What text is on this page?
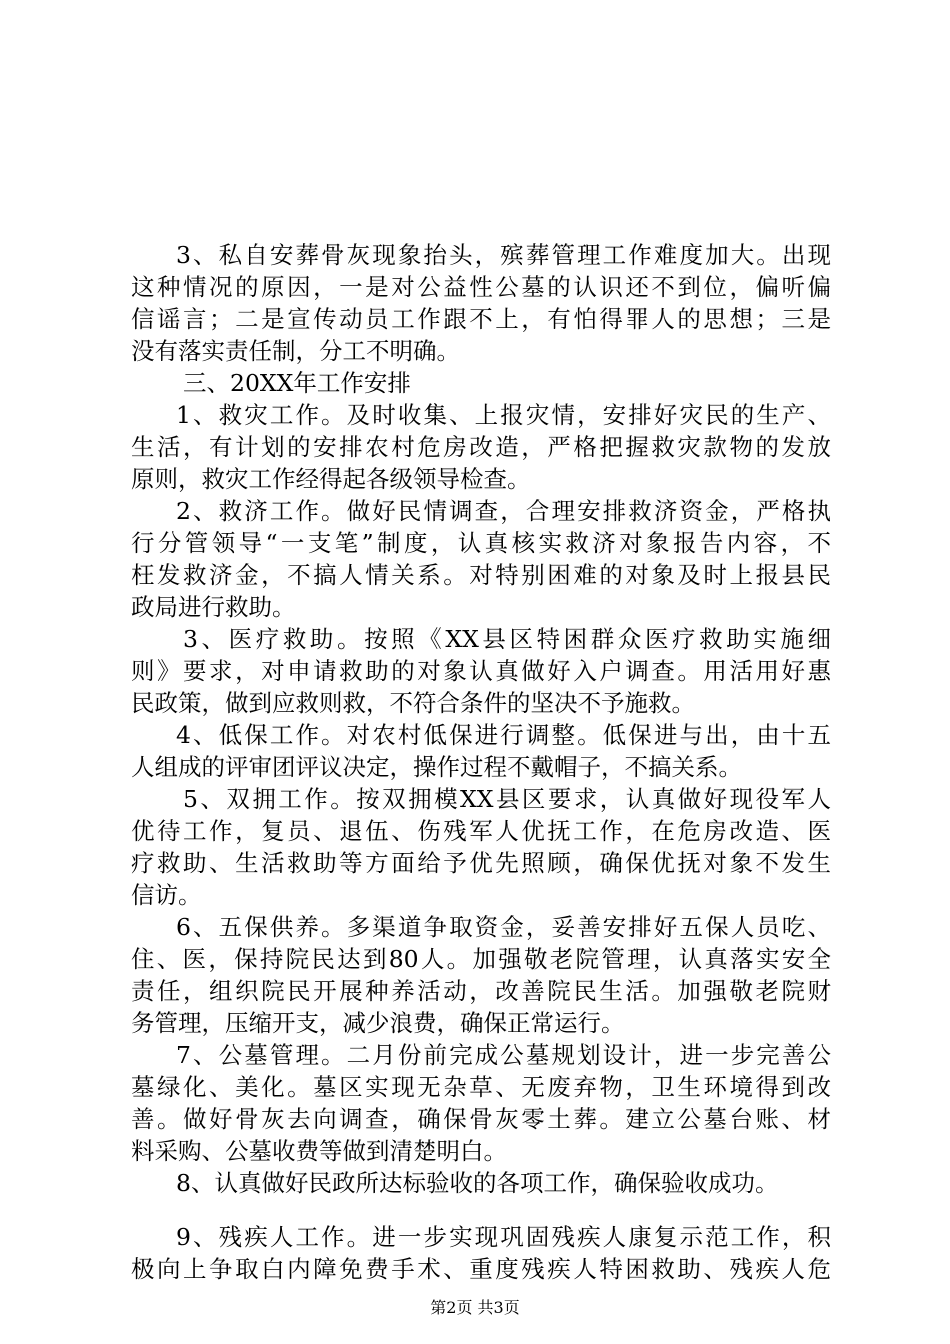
3、私自安葬骨灰现象抬头，殡葬管理工作难度加大。出现
这种情况的原因，一是对公益性公墓的认识还不到位，偏听偏
信谣言；二是宣传动员工作跟不上，有怕得罪人的思想；三是
没有落实责任制，分工不明确。
三、20XX年工作安排
1、救灾工作。及时收集、上报灾情，安排好灾民的生产、
生活，有计划的安排农村危房改造，严格把握救灾款物的发放
原则，救灾工作经得起各级领导检查。
2、救济工作。做好民情调查，合理安排救济资金，严格执
行分管领导“一支笔”制度，认真核实救济对象报告内容，不
枉发救济金，不搞人情关系。对特别困难的对象及时上报县民
政局进行救助。
3、医疗救助。按照《XX县区特困群众医疗救助实施细
则》要求，对申请救助的对象认真做好入户调查。用活用好惠
民政策，做到应救则救，不符合条件的坚决不予施救。
4、低保工作。对农村低保进行调整。低保进与出，由十五
人组成的评审团评议决定，操作过程不戴帽子，不搞关系。
5、双拥工作。按双拥模XX县区要求，认真做好现役军人
优待工作，复员、退伍、伤残军人优抚工作，在危房改造、医
疗救助、生活救助等方面给予优先照顾，确保优抚对象不发生
信访。
6、五保供养。多渠道争取资金，妥善安排好五保人员吃、
住、医，保持院民达到80人。加强敬老院管理，认真落实安全
责任，组织院民开展种养活动，改善院民生活。加强敬老院财
务管理，压缩开支，减少浪费，确保正常运行。
7、公墓管理。二月份前完成公墓规划设计，进一步完善公
墓绿化、美化。墓区实现无杂草、无废弃物，卫生环境得到改
善。做好骨灰去向调查，确保骨灰零土葬。建立公墓台账、材
料采购、公墓收费等做到清楚明白。
8、认真做好民政所达标验收的各项工作，确保验收成功。
9、残疾人工作。进一步实现巩固残疾人康复示范工作，积
极向上争取白内障免费手术、重度残疾人特困救助、残疾人危
第2页 共3页
